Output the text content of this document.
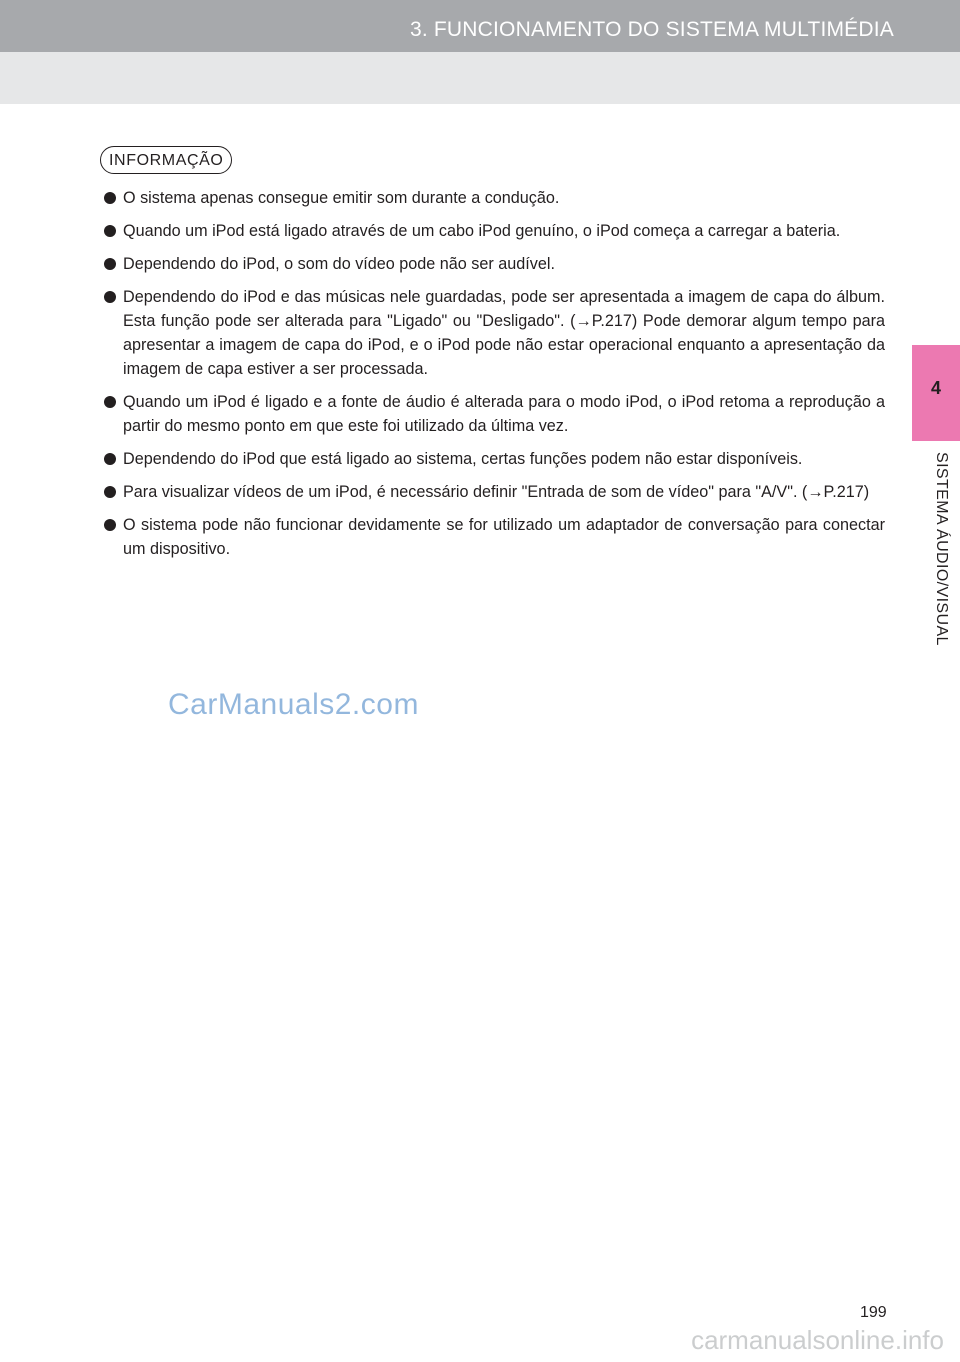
3. FUNCIONAMENTO DO SISTEMA MULTIMÉDIA
4
SISTEMA ÁUDIO/VISUAL
INFORMAÇÃO
O sistema apenas consegue emitir som durante a condução.
Quando um iPod está ligado através de um cabo iPod genuíno, o iPod começa a carregar a bateria.
Dependendo do iPod, o som do vídeo pode não ser audível.
Dependendo do iPod e das músicas nele guardadas, pode ser apresentada a imagem de capa do álbum. Esta função pode ser alterada para "Ligado" ou "Desligado". (→P.217) Pode demorar algum tempo para apresentar a imagem de capa do iPod, e o iPod pode não estar operacional enquanto a apresentação da imagem de capa estiver a ser processada.
Quando um iPod é ligado e a fonte de áudio é alterada para o modo iPod, o iPod retoma a reprodução a partir do mesmo ponto em que este foi utilizado da última vez.
Dependendo do iPod que está ligado ao sistema, certas funções podem não estar disponíveis.
Para visualizar vídeos de um iPod, é necessário definir "Entrada de som de vídeo" para "A/V". (→P.217)
O sistema pode não funcionar devidamente se for utilizado um adaptador de conversação para conectar um dispositivo.
CarManuals2.com
199
carmanualsonline.info
